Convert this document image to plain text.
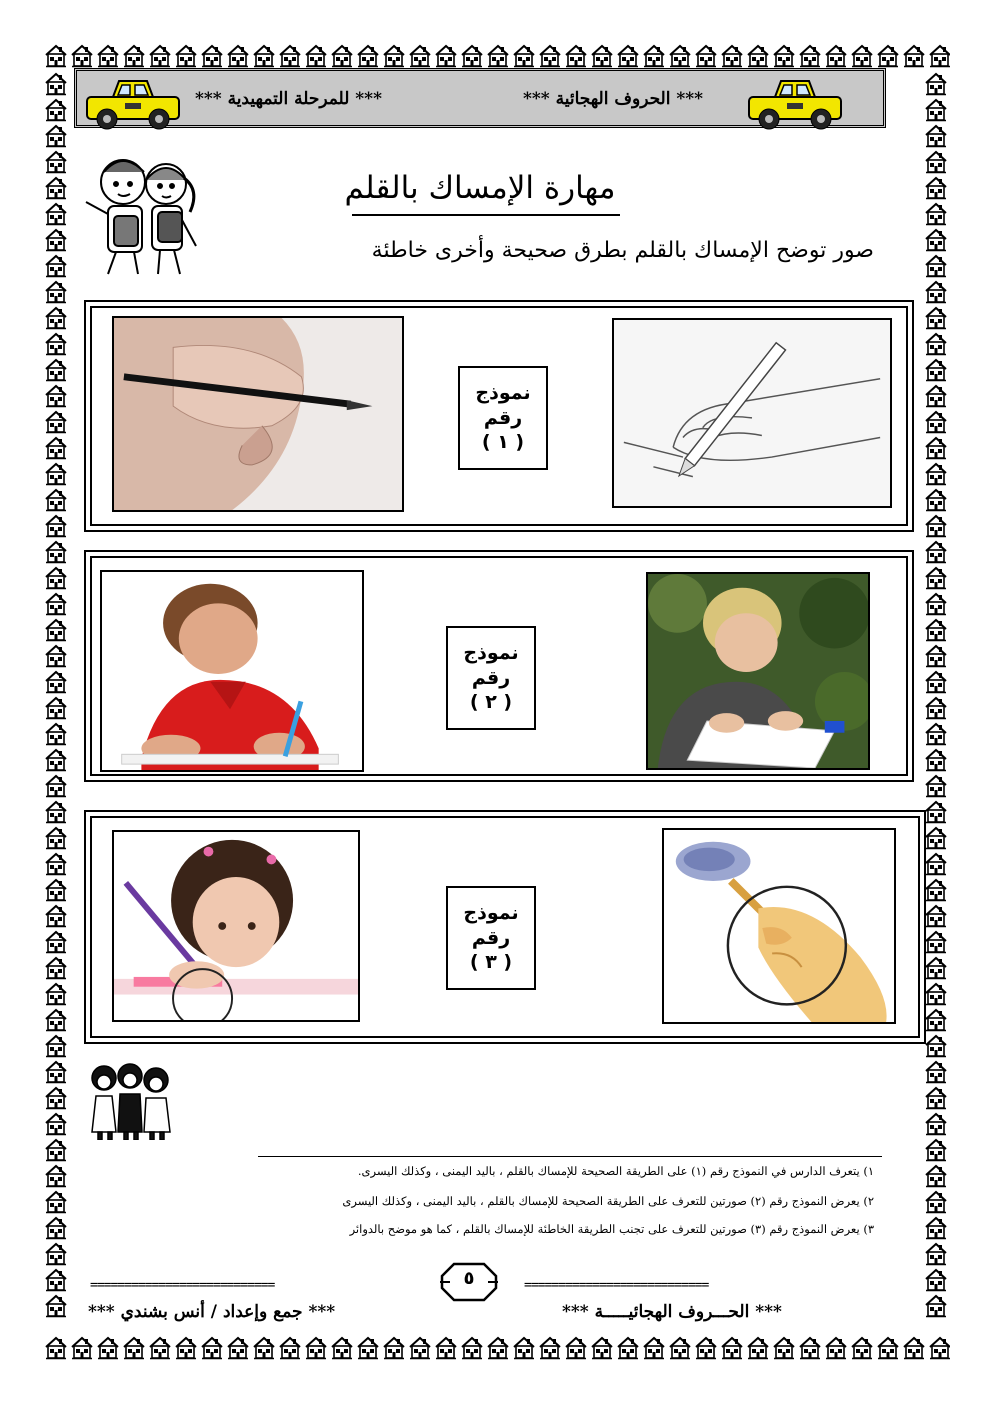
*** للمرحلة التمهيدية ***	*** الحروف الهجائية ***
مهارة الإمساك بالقلم
صور توضح الإمساك بالقلم بطرق صحيحة وأخرى خاطئة
نموذج
رقم
( ١ )
نموذج
رقم
( ٢ )
نموذج
رقم
( ٣ )
١) يتعرف الدارس في النموذج رقم (١) على الطريقة الصحيحة للإمساك بالقلم ، باليد اليمنى ، وكذلك اليسرى.
٢) يعرض النموذج رقم (٢) صورتين للتعرف على الطريقة الصحيحة للإمساك بالقلم ، باليد اليمنى ، وكذلك اليسرى
٣) يعرض النموذج رقم (٣) صورتين للتعرف على تجنب الطريقة الخاطئة للإمساك بالقلم ، كما هو موضح بالدوائر
===========================	٥	===========================
*** جمع وإعداد / أنس بشندي ***	*** الحـــروف الهجائيـــــة ***
